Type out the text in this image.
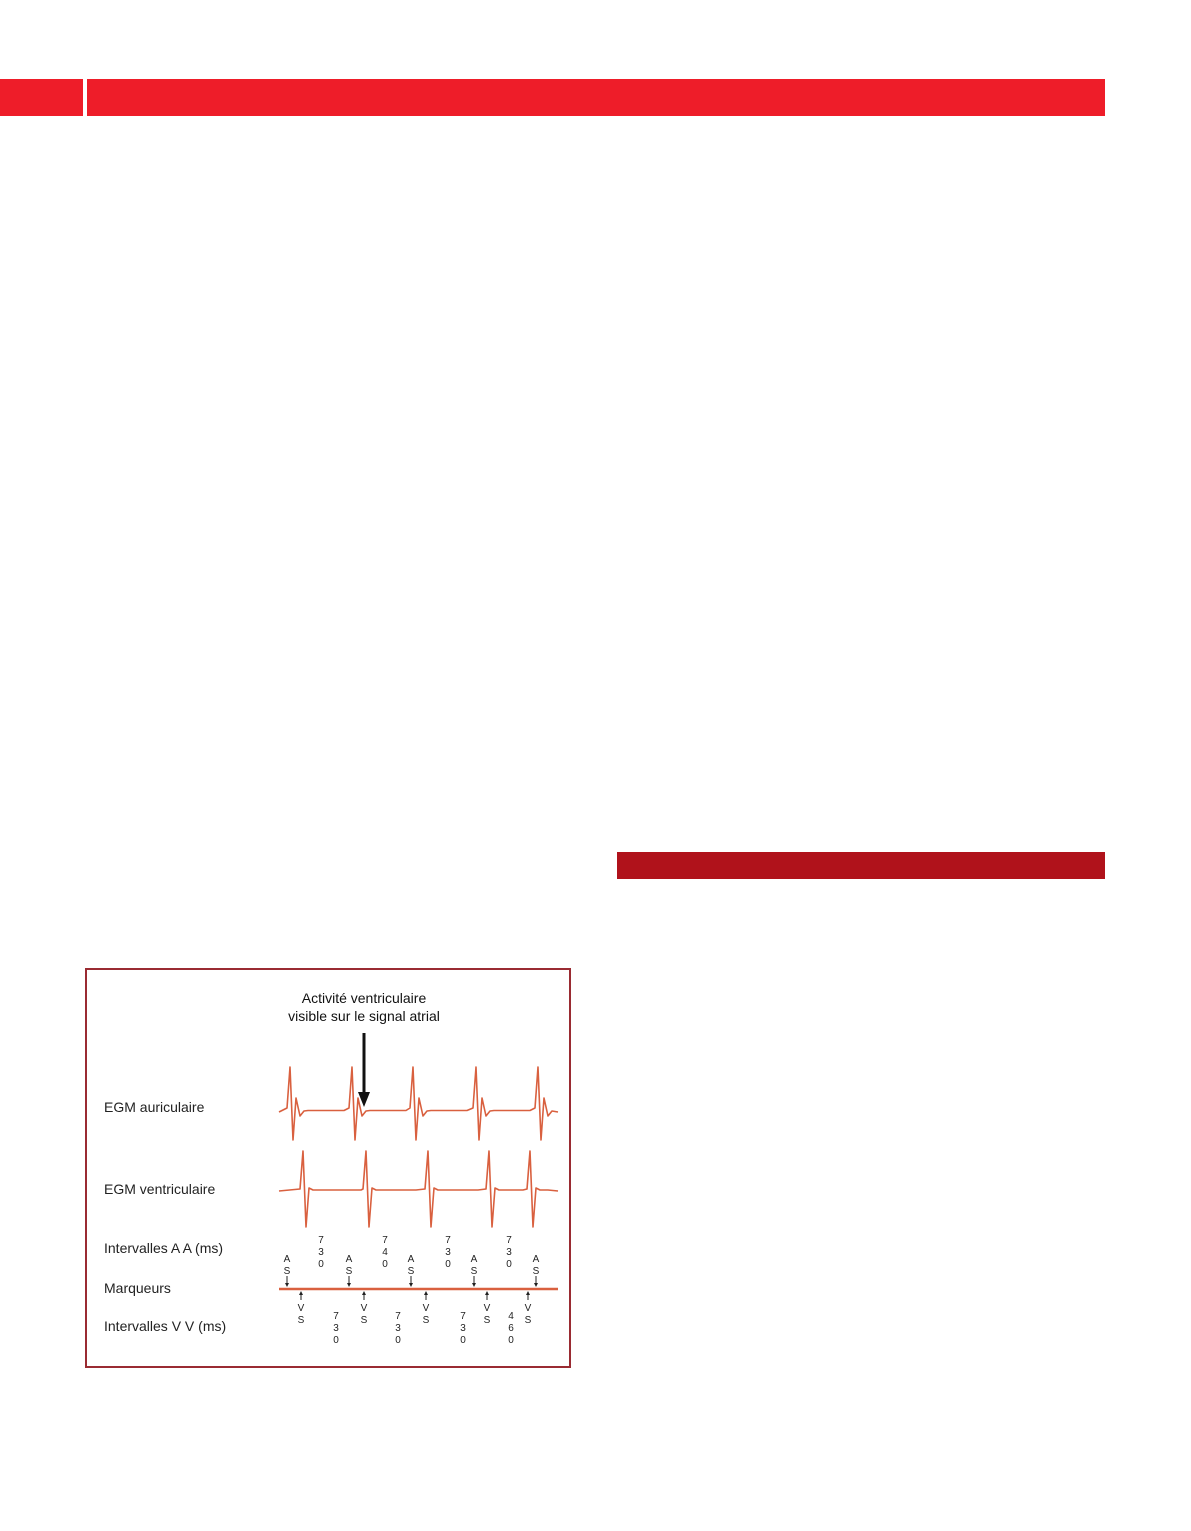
Activité ventriculaire
visible sur le signal atrial
EGM auriculaire
EGM ventriculaire
Intervalles A A (ms)
Marqueurs
Intervalles V V (ms)
A
S
A
S
A
S
A
S
A
S
V
S
V
S
V
S
V
S
V
S
7 3 0
7 4 0
7 3 0
7 3 0
7 3 0
7 3 0
7 3 0
4 6 0
